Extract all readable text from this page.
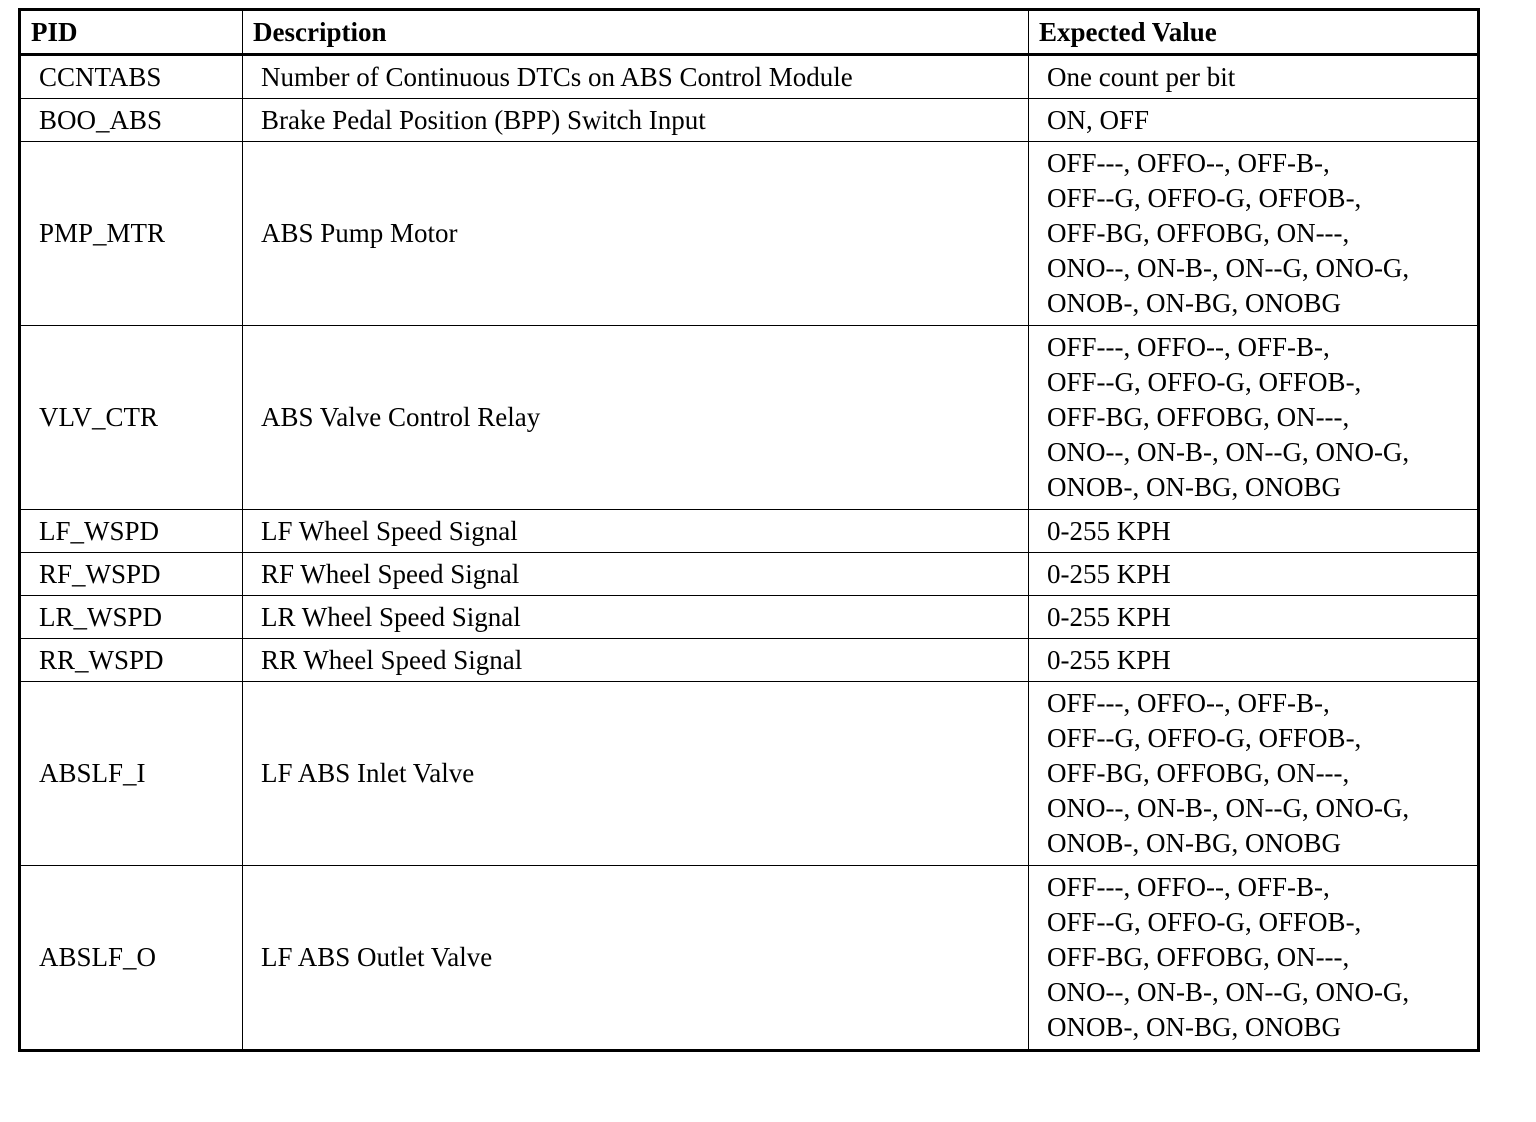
PID	Description	Expected Value
CCNTABS	Number of Continuous DTCs on ABS Control Module	One count per bit
BOO_ABS	Brake Pedal Position (BPP) Switch Input	ON, OFF
PMP_MTR	ABS Pump Motor	OFF---, OFFO--, OFF-B-,
OFF--G, OFFO-G, OFFOB-,
OFF-BG, OFFOBG, ON---,
ONO--, ON-B-, ON--G, ONO-G,
ONOB-, ON-BG, ONOBG

VLV_CTR	ABS Valve Control Relay	OFF---, OFFO--, OFF-B-,
OFF--G, OFFO-G, OFFOB-,
OFF-BG, OFFOBG, ON---,
ONO--, ON-B-, ON--G, ONO-G,
ONOB-, ON-BG, ONOBG

LF_WSPD	LF Wheel Speed Signal	0-255 KPH
RF_WSPD	RF Wheel Speed Signal	0-255 KPH
LR_WSPD	LR Wheel Speed Signal	0-255 KPH
RR_WSPD	RR Wheel Speed Signal	0-255 KPH
ABSLF_I	LF ABS Inlet Valve	OFF---, OFFO--, OFF-B-,
OFF--G, OFFO-G, OFFOB-,
OFF-BG, OFFOBG, ON---,
ONO--, ON-B-, ON--G, ONO-G,
ONOB-, ON-BG, ONOBG

ABSLF_O	LF ABS Outlet Valve	OFF---, OFFO--, OFF-B-,
OFF--G, OFFO-G, OFFOB-,
OFF-BG, OFFOBG, ON---,
ONO--, ON-B-, ON--G, ONO-G,
ONOB-, ON-BG, ONOBG
